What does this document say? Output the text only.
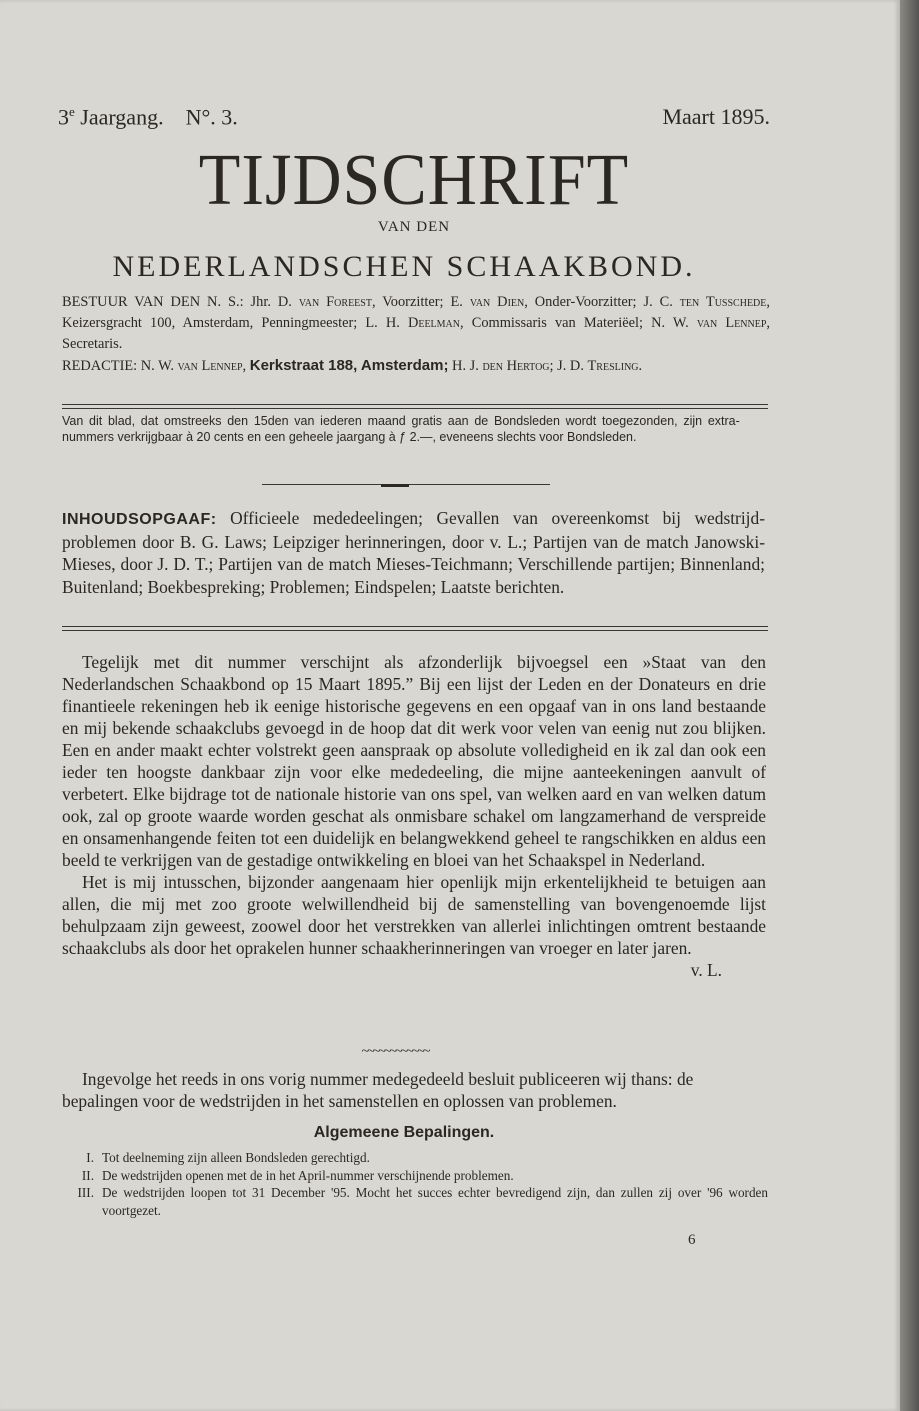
3e Jaargang. N°. 3.	Maart 1895.
TIJDSCHRIFT
VAN DEN
NEDERLANDSCHEN SCHAAKBOND.
BESTUUR VAN DEN N. S.: Jhr. D. van Foreest, Voorzitter; E. van Dien, Onder-Voorzitter; J. C. ten Tusschede, Keizersgracht 100, Amsterdam, Penningmeester; L. H. Deelman, Commissaris van Materiëel; N. W. van Lennep, Secretaris.
REDACTIE: N. W. van Lennep, Kerkstraat 188, Amsterdam; H. J. den Hertog; J. D. Tresling.
Van dit blad, dat omstreeks den 15den van iederen maand gratis aan de Bondsleden wordt toegezonden, zijn extra-nummers verkrijgbaar à 20 cents en een geheele jaargang à ƒ 2.—, eveneens slechts voor Bondsleden.
INHOUDSOPGAAF: Officieele mededeelingen; Gevallen van overeenkomst bij wedstrijd-problemen door B. G. Laws; Leipziger herinneringen, door v. L.; Partijen van de match Janowski-Mieses, door J. D. T.; Partijen van de match Mieses-Teichmann; Verschillende partijen; Binnenland; Buitenland; Boekbespreking; Problemen; Eindspelen; Laatste berichten.

Tegelijk met dit nummer verschijnt als afzonderlijk bijvoegsel een »Staat van den Nederlandschen Schaakbond op 15 Maart 1895.” Bij een lijst der Leden en der Donateurs en drie finantieele rekeningen heb ik eenige historische gegevens en een opgaaf van in ons land bestaande en mij bekende schaakclubs gevoegd in de hoop dat dit werk voor velen van eenig nut zou blijken. Een en ander maakt echter volstrekt geen aanspraak op absolute volledigheid en ik zal dan ook een ieder ten hoogste dankbaar zijn voor elke mededeeling, die mijne aanteekeningen aanvult of verbetert. Elke bijdrage tot de nationale historie van ons spel, van welken aard en van welken datum ook, zal op groote waarde worden geschat als onmisbare schakel om langzamerhand de verspreide en onsamenhangende feiten tot een duidelijk en belangwekkend geheel te rangschikken en aldus een beeld te verkrijgen van de gestadige ontwikkeling en bloei van het Schaakspel in Nederland.

Het is mij intusschen, bijzonder aangenaam hier openlijk mijn erkentelijkheid te betuigen aan allen, die mij met zoo groote welwillendheid bij de samenstelling van bovengenoemde lijst behulpzaam zijn geweest, zoowel door het verstrekken van allerlei inlichtingen omtrent bestaande schaakclubs als door het oprakelen hunner schaakherinneringen van vroeger en later jaren.

v. L.
~~~~~~~~~~~~

Ingevolge het reeds in ons vorig nummer medegedeeld besluit publiceeren wij thans: de bepalingen voor de wedstrijden in het samenstellen en oplossen van problemen.

Algemeene Bepalingen.
I. Tot deelneming zijn alleen Bondsleden gerechtigd.
II. De wedstrijden openen met de in het April-nummer verschijnende problemen.
III. De wedstrijden loopen tot 31 December '95. Mocht het succes echter bevredigend zijn, dan zullen zij over '96 worden voortgezet.
6
